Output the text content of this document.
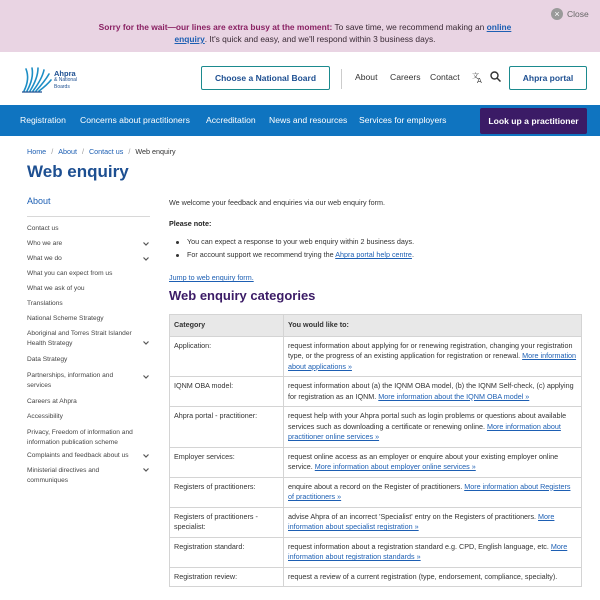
Sorry for the wait—our lines are extra busy at the moment: To save time, we recommend making an online enquiry. It's quick and easy, and we'll respond within 3 business days.
× Close
Ahpra
& National
Boards
Choose a National Board	About Careers Contact 文
A	Ahpra portal
Registration Concerns about practitioners Accreditation News and resources Services for employers	Look up a practitioner
Home / About / Contact us / Web enquiry
Web enquiry
About
Contact us
Who we are
What we do
What you can expect from us
What we ask of you
Translations
National Scheme Strategy
Aboriginal and Torres Strait Islander Health Strategy
Data Strategy
Partnerships, information and services
Careers at Ahpra
Accessibility
Privacy, Freedom of information and information publication scheme
Complaints and feedback about us
Ministerial directives and communiques
We welcome your feedback and enquiries via our web enquiry form.
Please note:
You can expect a response to your web enquiry within 2 business days.
For account support we recommend trying the Ahpra portal help centre.
Jump to web enquiry form.
Web enquiry categories
Category	You would like to:
Application:	request information about applying for or renewing registration, changing your registration type, or the progress of an existing application for registration or renewal. More information about applications »
IQNM OBA model:	request information about (a) the IQNM OBA model, (b) the IQNM Self-check, (c) applying for registration as an IQNM. More information about the IQNM OBA model »
Ahpra portal - practitioner:	request help with your Ahpra portal such as login problems or questions about available services such as downloading a certificate or renewing online. More information about practitioner online services »
Employer services:	request online access as an employer or enquire about your existing employer online service. More information about employer online services »
Registers of practitioners:	enquire about a record on the Register of practitioners. More information about Registers of practitioners »
Registers of practitioners - specialist:	advise Ahpra of an incorrect 'Specialist' entry on the Registers of practitioners. More information about specialist registration »
Registration standard:	request information about a registration standard e.g. CPD, English language, etc. More information about registration standards »
Registration review:	request a review of a current registration (type, endorsement, compliance, specialty).
